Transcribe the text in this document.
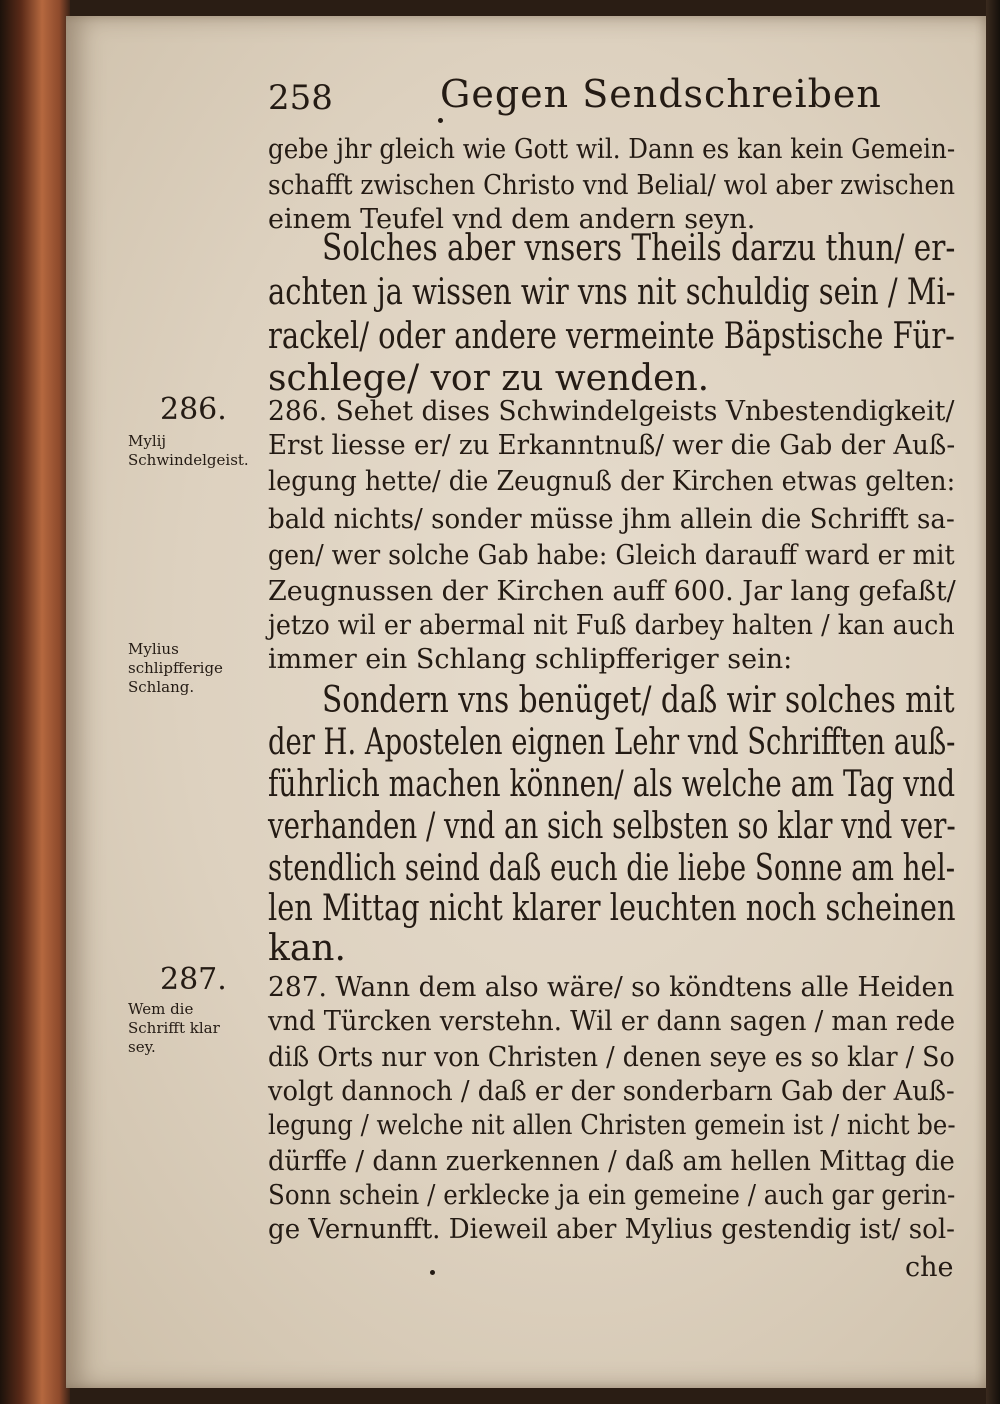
258	Gegen Sendschreiben
gebe jhr gleich wie Gott wil. Dann es kan kein Gemein-
schafft zwischen Christo vnd Belial/ wol aber zwischen
einem Teufel vnd dem andern seyn.
Solches aber vnsers Theils darzu thun/ er-
achten ja wissen wir vns nit schuldig sein / Mi-
rackel/ oder andere vermeinte Bäpstische Für-
schlege/ vor zu wenden.
286.
Mylij Schwindelgeist.
286. Sehet dises Schwindelgeists Vnbestendigkeit/
Erst liesse er/ zu Erkanntnuß/ wer die Gab der Auß-
legung hette/ die Zeugnuß der Kirchen etwas gelten:
bald nichts/ sonder müsse jhm allein die Schrifft sa-
gen/ wer solche Gab habe: Gleich darauff ward er mit
Zeugnussen der Kirchen auff 600. Jar lang gefaßt/
jetzo wil er abermal nit Fuß darbey halten / kan auch
immer ein Schlang schlipfferiger sein:
Mylius schlipfferige Schlang.	Sondern vns benüget/ daß wir solches mit
der H. Apostelen eignen Lehr vnd Schrifften auß-
führlich machen können/ als welche am Tag vnd
verhanden / vnd an sich selbsten so klar vnd ver-
stendlich seind daß euch die liebe Sonne am hel-
len Mittag nicht klarer leuchten noch scheinen
kan.
287.
Wem die Schrifft klar sey.
287. Wann dem also wäre/ so köndtens alle Heiden
vnd Türcken verstehn. Wil er dann sagen / man rede
diß Orts nur von Christen / denen seye es so klar / So
volgt dannoch / daß er der sonderbarn Gab der Auß-
legung / welche nit allen Christen gemein ist / nicht be-
dürffe / dann zuerkennen / daß am hellen Mittag die
Sonn schein / erklecke ja ein gemeine / auch gar gerin-
ge Vernunfft. Dieweil aber Mylius gestendig ist/ sol-
che
